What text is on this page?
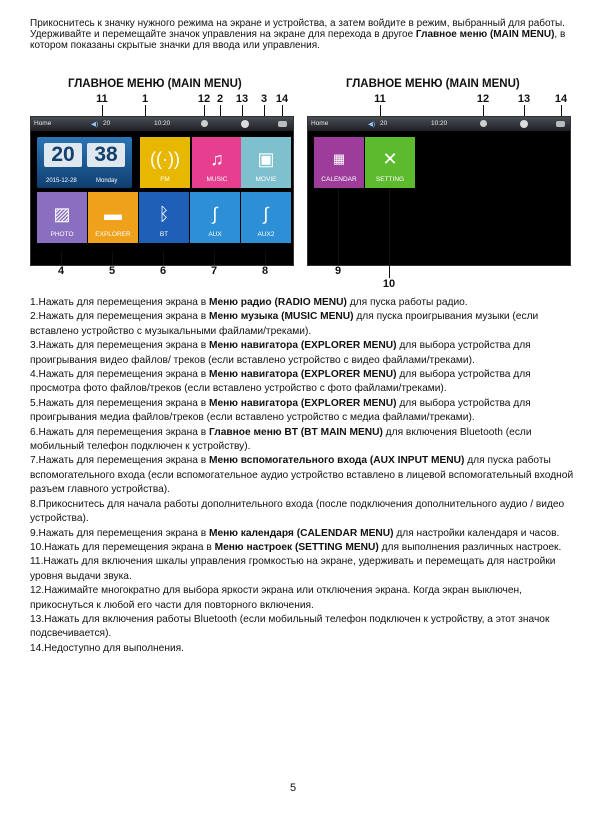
Прикоснитесь к значку нужного режима на экране и устройства, а затем войдите в режим, выбранный для работы. Удерживайте и перемещайте значок управления на экране для перехода в другое Главное меню (MAIN MENU), в котором показаны скрытые значки для ввода или управления.
ГЛАВНОЕ МЕНЮ (MAIN MENU)	ГЛАВНОЕ МЕНЮ (MAIN MENU)
11	1	12 2	13	3 14
Home	◀) 20	10:20
20 38
2015-12-28	Monday
((·))
FM
♫
MUSIC
▣
MOVIE
▨
PHOTO
▬
EXPLORER
ᛒ
BT
∫
AUX
∫
AUX2
4	5	6	7	8
11	12	13	14
Home	◀) 20	10:20
▦
CALENDAR
✕
SETTING
9
10

1.Нажать для перемещения экрана в Меню радио (RADIO MENU) для пуска работы радио.

2.Нажать для перемещения экрана в Меню музыка (MUSIC MENU) для пуска проигрывания музыки (если вставлено устройство с музыкальными файлами/треками).

3.Нажать для перемещения экрана в Меню навигатора (EXPLORER MENU) для выбора устройства для проигрывания видео файлов/ треков (если вставлено устройство с видео файлами/треками).

4.Нажать для перемещения экрана в Меню навигатора (EXPLORER MENU) для выбора устройства для просмотра фото файлов/треков (если вставлено устройство с фото файлами/треками).

5.Нажать для перемещения экрана в Меню навигатора (EXPLORER MENU) для выбора устройства для проигрывания медиа файлов/треков (если вставлено устройство с медиа файлами/треками).

6.Нажать для перемещения экрана в Главное меню BT (BT MAIN MENU) для включения Bluetooth (если мобильный телефон подключен к устройству).

7.Нажать для перемещения экрана в Меню вспомогательного входа (AUX INPUT MENU) для пуска работы вспомогательного входа (если вспомогательное аудио устройство вставлено в лицевой вспомогательный входной разъем главного устройства).

8.Прикоснитесь для начала работы дополнительного входа (после подключения дополнительного аудио / видео устройства).

9.Нажать для перемещения экрана в Меню календаря (CALENDAR MENU) для настройки календаря и часов.

10.Нажать для перемещения экрана в Меню настроек (SETTING MENU) для выполнения различных настроек.

11.Нажать для включения шкалы управления громкостью на экране, удерживать и перемещать для настройки уровня выдачи звука.

12.Нажимайте многократно для выбора яркости экрана или отключения экрана. Когда экран выключен, прикоснуться к любой его части для повторного включения.

13.Нажать для включения работы Bluetooth (если мобильный телефон подключен к устройству, а этот значок подсвечивается).

14.Недоступно для выполнения.

5
